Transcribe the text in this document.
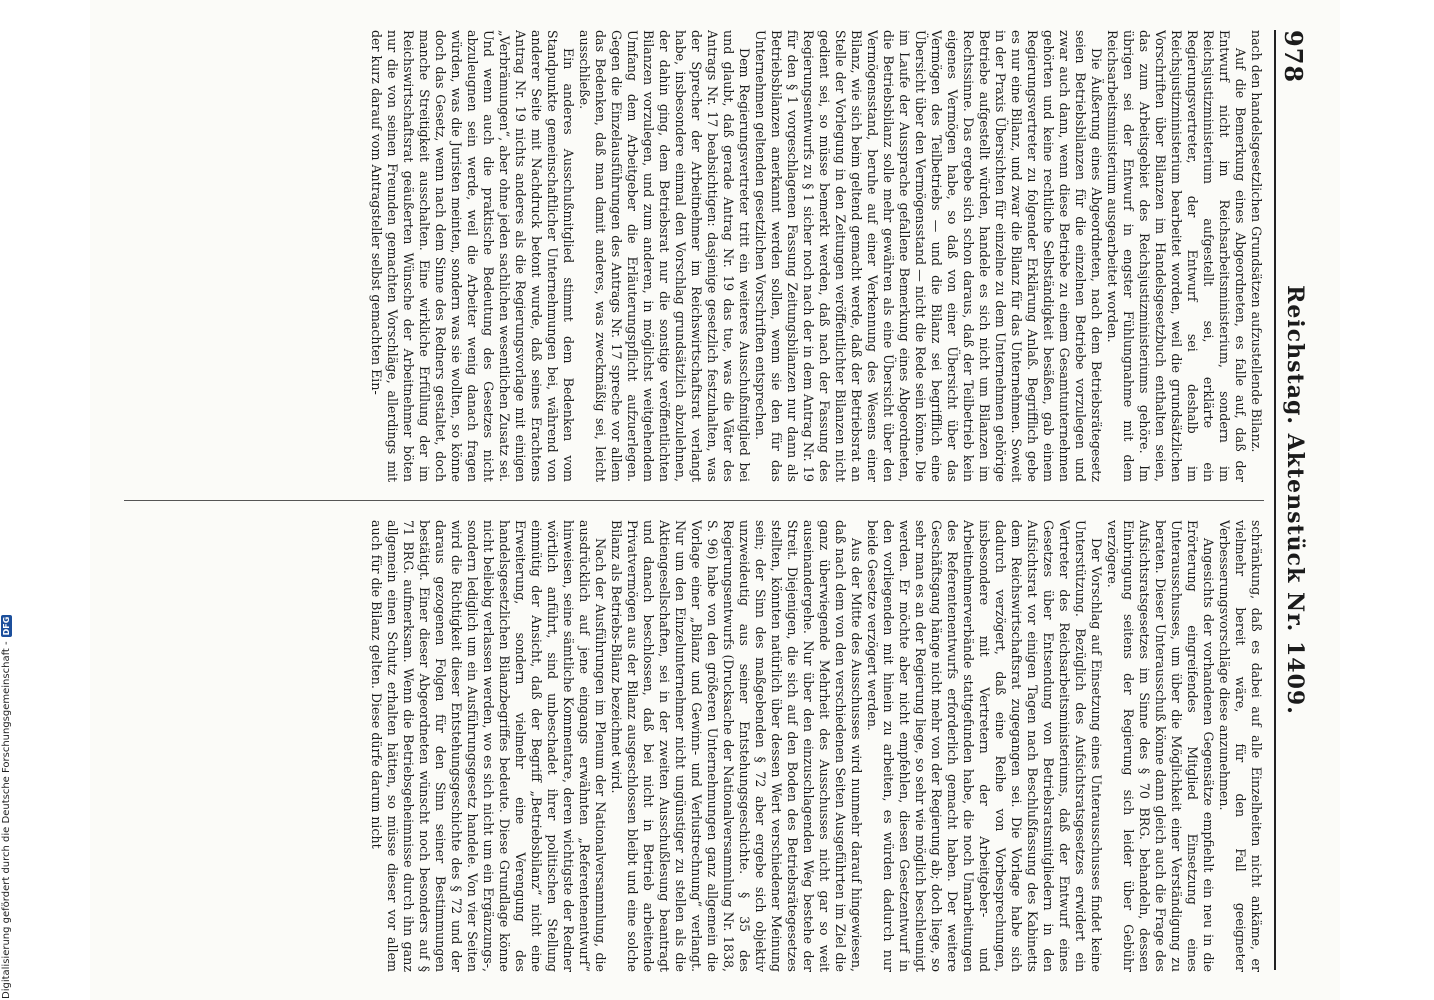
978
Reichstag. Aktenstück Nr. 1409.

nach den handelsgesetzlichen Grundsätzen aufzustellende Bilanz.

Auf die Bemerkung eines Abgeordneten, es falle auf, daß der Entwurf nicht im Reichsarbeitsministerium, sondern im Reichsjustizministerium aufgestellt sei, erklärte ein Regierungsvertreter, der Entwurf sei deshalb im Reichsjustizministerium bearbeitet worden, weil die grundsätzlichen Vorschriften über Bilanzen im Handelsgesetzbuch enthalten seien, das zum Arbeitsgebiet des Reichsjustizministeriums gehöre. Im übrigen sei der Entwurf in engster Fühlungnahme mit dem Reichsarbeitsministerium ausgearbeitet worden.

Die Äußerung eines Abgeordneten, nach dem Betriebsrätegesetz seien Betriebsbilanzen für die einzelnen Betriebe vorzulegen und zwar auch dann, wenn diese Betriebe zu einem Gesamtunternehmen gehörten und keine rechtliche Selbständigkeit besäßen, gab einem Regierungsvertreter zu folgender Erklärung Anlaß. Begrifflich gebe es nur eine Bilanz, und zwar die Bilanz für das Unternehmen. Soweit in der Praxis Übersichten für einzelne zu dem Unternehmen gehörige Betriebe aufgestellt würden, handele es sich nicht um Bilanzen im Rechtssinne. Das ergebe sich schon daraus, daß der Teilbetrieb kein eigenes Vermögen habe, so daß von einer Übersicht über das Vermögen des Teilbetriebs — und die Bilanz sei begrifflich eine Übersicht über den Vermögensstand — nicht die Rede sein könne. Die im Laufe der Aussprache gefallene Bemerkung eines Abgeordneten, die Betriebsbilanz solle mehr gewähren als eine Übersicht über den Vermögensstand, beruhe auf einer Verkennung des Wesens einer Bilanz, wie sich beim geltend gemacht werde, daß der Betriebsrat an Stelle der Vorlegung in den Zeitungen veröffentlichter Bilanzen nicht gedient sei, so müsse bemerkt werden, daß nach der Fassung des Regierungsentwurfs zu § 1 sicher noch nach der in dem Antrag Nr. 19 für den § 1 vorgeschlagenen Fassung Zeitungsbilanzen nur dann als Betriebsbilanzen anerkannt werden sollen, wenn sie den für das Unternehmen geltenden gesetzlichen Vorschriften entsprechen.

Dem Regierungsvertreter tritt ein weiteres Ausschußmitglied bei und glaubt, daß gerade Antrag Nr. 19 das tue, was die Väter des Antrags Nr. 17 beabsichtigen: dasjenige gesetzlich festzuhalten, was der Sprecher der Arbeitnehmer im Reichswirtschaftsrat verlangt habe, insbesondere einmal den Vorschlag grundsätzlich abzulehnen, der dahin ging, dem Betriebsrat nur die sonstige veröffentlichten Bilanzen vorzulegen, und zum anderen, in möglichst weitgehendem Umfang dem Arbeitgeber die Erläuterungspflicht aufzuerlegen. Gegen die Einzelausführungen des Antrags Nr. 17 spreche vor allem das Bedenken, daß man damit anderes, was zweckmäßig sei, leicht ausschließe.

Ein anderes Ausschußmitglied stimmt dem Bedenken vom Standpunkte gemeinschaftlicher Unternehmungen bei, während von anderer Seite mit Nachdruck betont wurde, daß seines Erachtens Antrag Nr. 19 nichts anderes als die Regierungsvorlage mit einigen „Verbrämungen“, aber ohne jeden sachlichen wesentlichen Zusatz sei. Und wenn auch die praktische Bedeutung des Gesetzes nicht abzuleugnen sein werde, weil die Arbeiter wenig danach fragen würden, was die Juristen meinten, sondern was sie wollten, so könne doch das Gesetz, wenn nach dem Sinne des Redners gestaltet, doch manche Streitigkeit ausschalten. Eine wirkliche Erfüllung der im Reichswirtschaftsrat geäußerten Wünsche der Arbeitnehmer böten nur die von seinen Freunden gemachten Vorschläge, allerdings mit der kurz darauf vom Antragsteller selbst gemachten Ein-

schränkung, daß es dabei auf alle Einzelheiten nicht ankäme, er vielmehr bereit wäre, für den Fall geeigneter Verbesserungsvorschläge diese anzunehmen.

Angesichts der vorhandenen Gegensätze empfiehlt ein neu in die Erörterung eingreifendes Mitglied Einsetzung eines Unterausschusses, um über die Möglichkeit einer Verständigung zu beraten. Dieser Unterausschuß könne dann gleich auch die Frage des Aufsichtsratsgesetzes im Sinne des § 70 BRG. behandeln, dessen Einbringung seitens der Regierung sich leider über Gebühr verzögere.

Der Vorschlag auf Einsetzung eines Unterausschusses findet keine Unterstützung. Bezüglich des Aufsichtsratsgesetzes erwidert ein Vertreter des Reichsarbeitsministeriums, daß der Entwurf eines Gesetzes über Entsendung von Betriebsratsmitgliedern in den Aufsichtsrat vor einigen Tagen nach Beschlußfassung des Kabinetts dem Reichswirtschaftsrat zugegangen sei. Die Vorlage habe sich dadurch verzögert, daß eine Reihe von Vorbesprechungen, insbesondere mit Vertretern der Arbeitgeber- und Arbeitnehmerverbände stattgefunden habe, die noch Umarbeitungen des Referentenentwurfs erforderlich gemacht haben. Der weitere Geschäftsgang hänge nicht mehr von der Regierung ab; doch liege, so sehr man es an der Regierung liege, so sehr wie möglich beschleunigt werden. Er möchte aber nicht empfehlen, diesen Gesetzentwurf in den vorliegenden mit hinein zu arbeiten, es würden dadurch nur beide Gesetze verzögert werden.

Aus der Mitte des Ausschusses wird nunmehr darauf hingewiesen, daß nach dem von den verschiedenen Seiten Ausgeführten im Ziel die ganz überwiegende Mehrheit des Ausschusses nicht gar so weit auseinandergehe. Nur über den einzuschlagenden Weg bestehe der Streit. Diejenigen, die sich auf den Boden des Betriebsrätegesetzes stellten, könnten natürlich über dessen Wert verschiedener Meinung sein; der Sinn des maßgebenden § 72 aber ergebe sich objektiv unzweideutig aus seiner Entstehungsgeschichte. § 35 des Regierungsentwurfs (Drucksache der Nationalversammlung Nr. 1838, S. 96) habe von den größeren Unternehmungen ganz allgemein die Vorlage einer „Bilanz und Gewinn- und Verlustrechnung“ verlangt. Nur um den Einzelunternehmer nicht ungünstiger zu stellen als die Aktiengesellschaften, sei in der zweiten Ausschußlesung beantragt und danach beschlossen, daß bei nicht in Betrieb arbeitende Privatvermögen aus der Bilanz ausgeschlossen bleibt und eine solche Bilanz als Betriebs-Bilanz bezeichnet wird.

Nach der Ausführungen im Plenum der Nationalversammlung, die ausdrücklich auf jene eingangs erwähnten „Referentenentwurf“ hinweisen, seine sämtliche Kommentare, deren wichtigste der Redner wörtlich anführt, sind unbeschadet ihrer politischen Stellung einmütig der Ansicht, daß der Begriff „Betriebsbilanz“ nicht eine Erweiterung, sondern vielmehr eine Verengung des handelsgesetzlichen Bilanzbegriffes bedeute. Diese Grundlage könne nicht beliebig verlassen werden, wo es sich nicht um ein Ergänzungs-, sondern lediglich um ein Ausführungsgesetz handele. Von vier Seiten wird die Richtigkeit dieser Entstehungsgeschichte des § 72 und der daraus gezogenen Folgen für den Sinn seiner Bestimmungen bestätigt. Einer dieser Abgeordneten wünscht noch besonders auf § 71 BRG. aufmerksam. Wenn die Betriebsgeheimnisse durch ihn ganz allgemein einen Schutz erhalten hätten, so müsse dieser vor allem auch für die Bilanz gelten. Diese dürfe darum nicht

Digitalisierung gefördert durch die Deutsche Forschungsgemeinschaft -
DFG
